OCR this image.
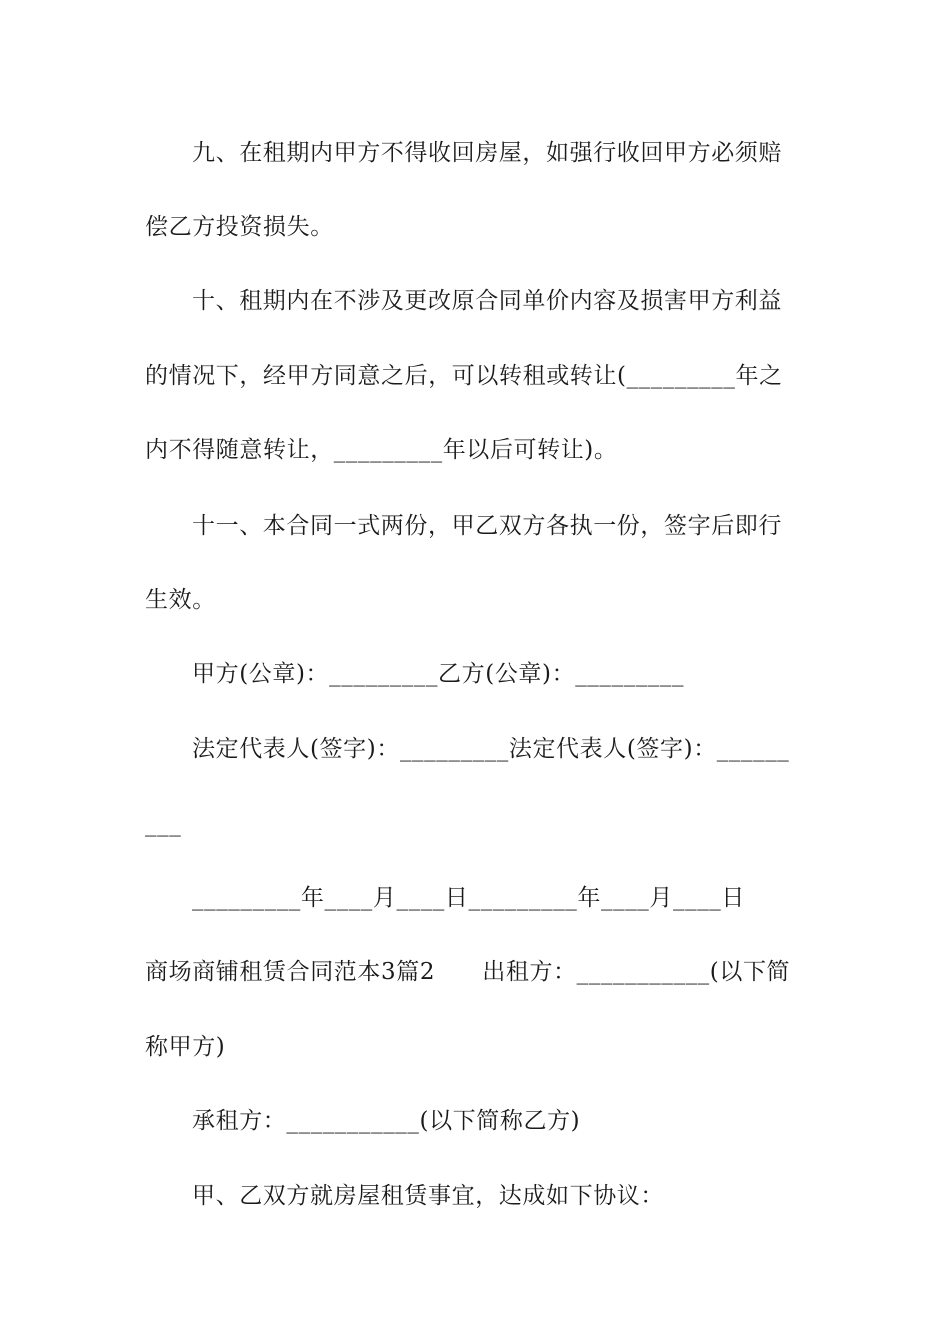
九、在租期内甲方不得收回房屋，如强行收回甲方必须赔
偿乙方投资损失。
十、租期内在不涉及更改原合同单价内容及损害甲方利益
的情况下，经甲方同意之后，可以转租或转让(_________年之
内不得随意转让，_________年以后可转让)。
十一、本合同一式两份，甲乙双方各执一份，签字后即行
生效。
甲方(公章)：_________乙方(公章)：_________
法定代表人(签字)：_________法定代表人(签字)：______
___
_________年____月____日_________年____月____日
商场商铺租赁合同范本3篇2　　出租方：___________(以下简
称甲方)
承租方：___________(以下简称乙方)
甲、乙双方就房屋租赁事宜，达成如下协议：
